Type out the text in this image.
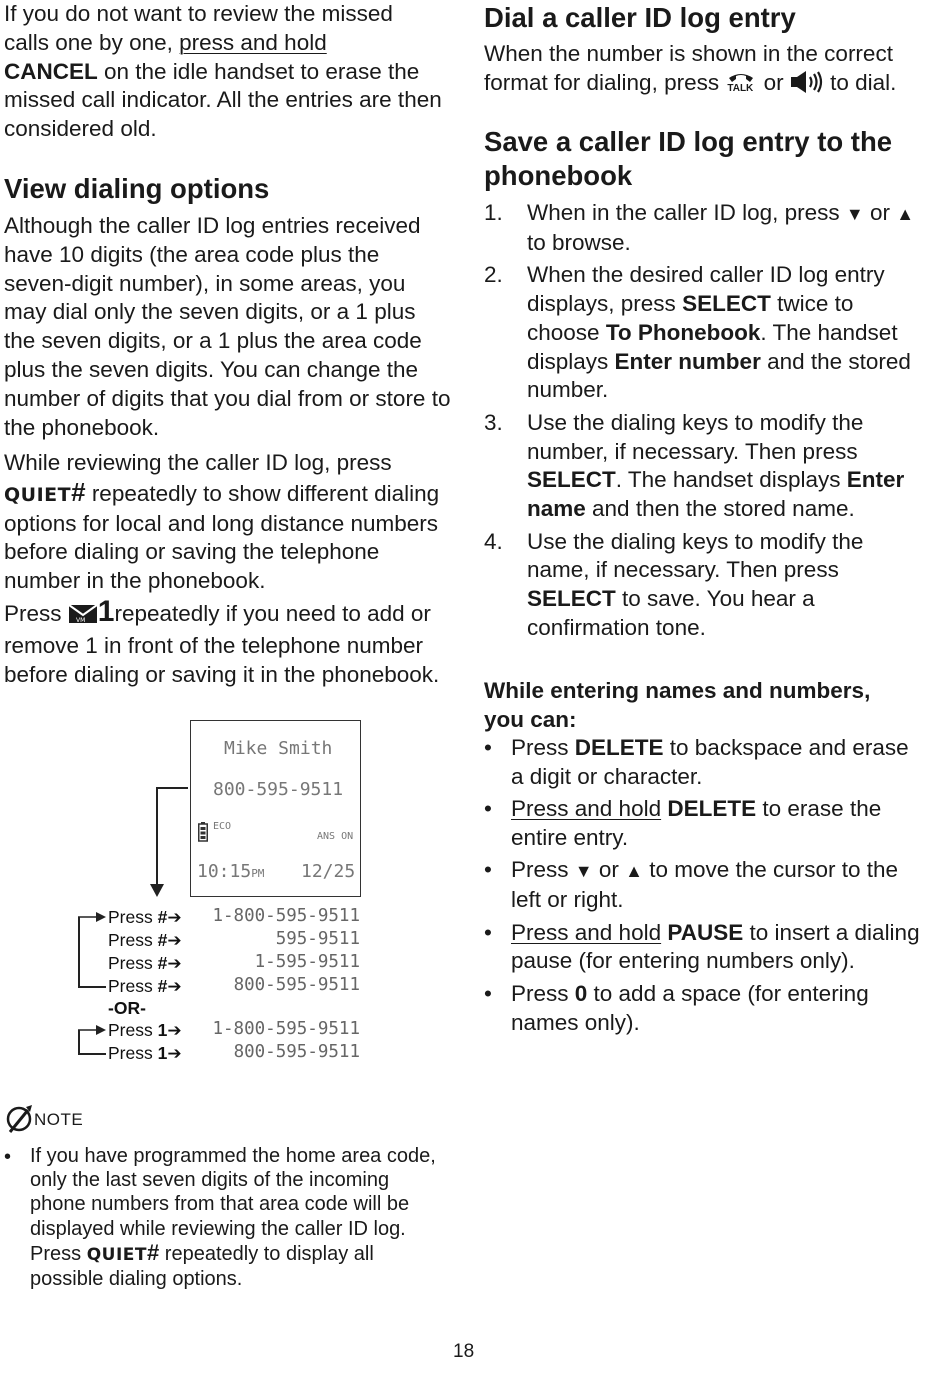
If you do not want to review the missed calls one by one, press and hold
CANCEL on the idle handset to erase the missed call indicator. All the entries are then considered old.

View dialing options

Although the caller ID log entries received have 10 digits (the area code plus the seven-digit number), in some areas, you may dial only the seven digits, or a 1 plus the seven digits, or a 1 plus the area code plus the seven digits. You can change the number of digits that you dial from or store to the phonebook.

While reviewing the caller ID log, press
QUIET# repeatedly to show different dialing options for local and long distance numbers before dialing or saving the telephone number in the phonebook.

Press VM 1repeatedly if you need to add or remove 1 in front of the telephone number before dialing or saving it in the phonebook.

Mike Smith
800-595-9511
ECO
ANS ON
10:15PM 12/25
Press #➔
Press #➔
Press #➔
Press #➔
-OR-
Press 1➔
Press 1➔
1-800-595-9511
595-9511
1-595-9511
800-595-9511
1-800-595-9511
800-595-9511
Dial a caller ID log entry

When the number is shown in the correct format for dialing, press TALK or  to dial.

Save a caller ID log entry to the phonebook
1. When in the caller ID log, press ▼ or ▲ to browse.
2. When the desired caller ID log entry displays, press SELECT twice to choose To Phonebook. The handset displays Enter number and the stored number.
3. Use the dialing keys to modify the number, if necessary. Then press SELECT. The handset displays Enter name and then the stored name.
4. Use the dialing keys to modify the name, if necessary. Then press SELECT to save. You hear a confirmation tone.

While entering names and numbers, you can:

• Press DELETE to backspace and erase a digit or character.
• Press and hold DELETE to erase the entire entry.
• Press ▼ or ▲ to move the cursor to the left or right.
• Press and hold PAUSE to insert a dialing pause (for entering numbers only).
• Press 0 to add a space (for entering names only).
NOTE
• If you have programmed the home area code, only the last seven digits of the incoming phone numbers from that area code will be displayed while reviewing the caller ID log. Press QUIET# repeatedly to display all possible dialing options.

18
